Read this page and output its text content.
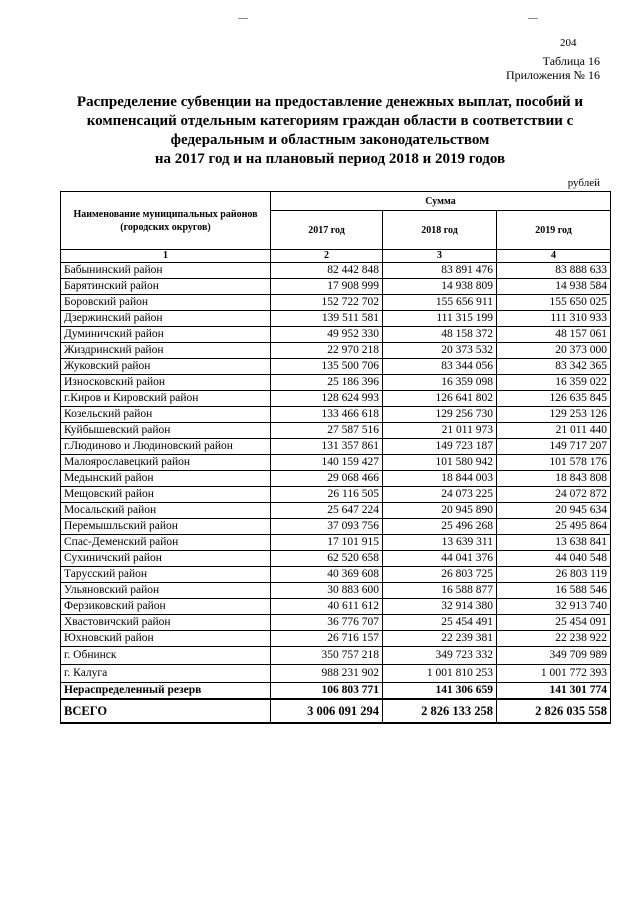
204
Таблица 16
Приложения № 16
Распределение субвенции на предоставление денежных выплат, пособий и
компенсаций отдельным категориям граждан области в соответствии с
федеральным и областным законодательством
на 2017 год и на плановый период 2018 и 2019 годов
рублей
Наименование муниципальных районов (городских округов)	Сумма		
	2017 год	2018 год	2019 год
1	2	3	4
Бабынинский район	82 442 848	83 891 476	83 888 633
Барятинский район	17 908 999	14 938 809	14 938 584
Боровский район	152 722 702	155 656 911	155 650 025
Дзержинский район	139 511 581	111 315 199	111 310 933
Думиничский район	49 952 330	48 158 372	48 157 061
Жиздринский район	22 970 218	20 373 532	20 373 000
Жуковский район	135 500 706	83 344 056	83 342 365
Износковский район	25 186 396	16 359 098	16 359 022
г.Киров и Кировский район	128 624 993	126 641 802	126 635 845
Козельский район	133 466 618	129 256 730	129 253 126
Куйбышевский район	27 587 516	21 011 973	21 011 440
г.Людиново и Людиновский район	131 357 861	149 723 187	149 717 207
Малоярославецкий район	140 159 427	101 580 942	101 578 176
Медынский район	29 068 466	18 844 003	18 843 808
Мещовский район	26 116 505	24 073 225	24 072 872
Мосальский район	25 647 224	20 945 890	20 945 634
Перемышльский район	37 093 756	25 496 268	25 495 864
Спас-Деменский район	17 101 915	13 639 311	13 638 841
Сухиничский район	62 520 658	44 041 376	44 040 548
Тарусский район	40 369 608	26 803 725	26 803 119
Ульяновский район	30 883 600	16 588 877	16 588 546
Ферзиковский район	40 611 612	32 914 380	32 913 740
Хвастовичский район	36 776 707	25 454 491	25 454 091
Юхновский район	26 716 157	22 239 381	22 238 922
г. Обнинск	350 757 218	349 723 332	349 709 989
г. Калуга	988 231 902	1 001 810 253	1 001 772 393
Нераспределенный резерв	106 803 771	141 306 659	141 301 774
ВСЕГО	3 006 091 294	2 826 133 258	2 826 035 558
